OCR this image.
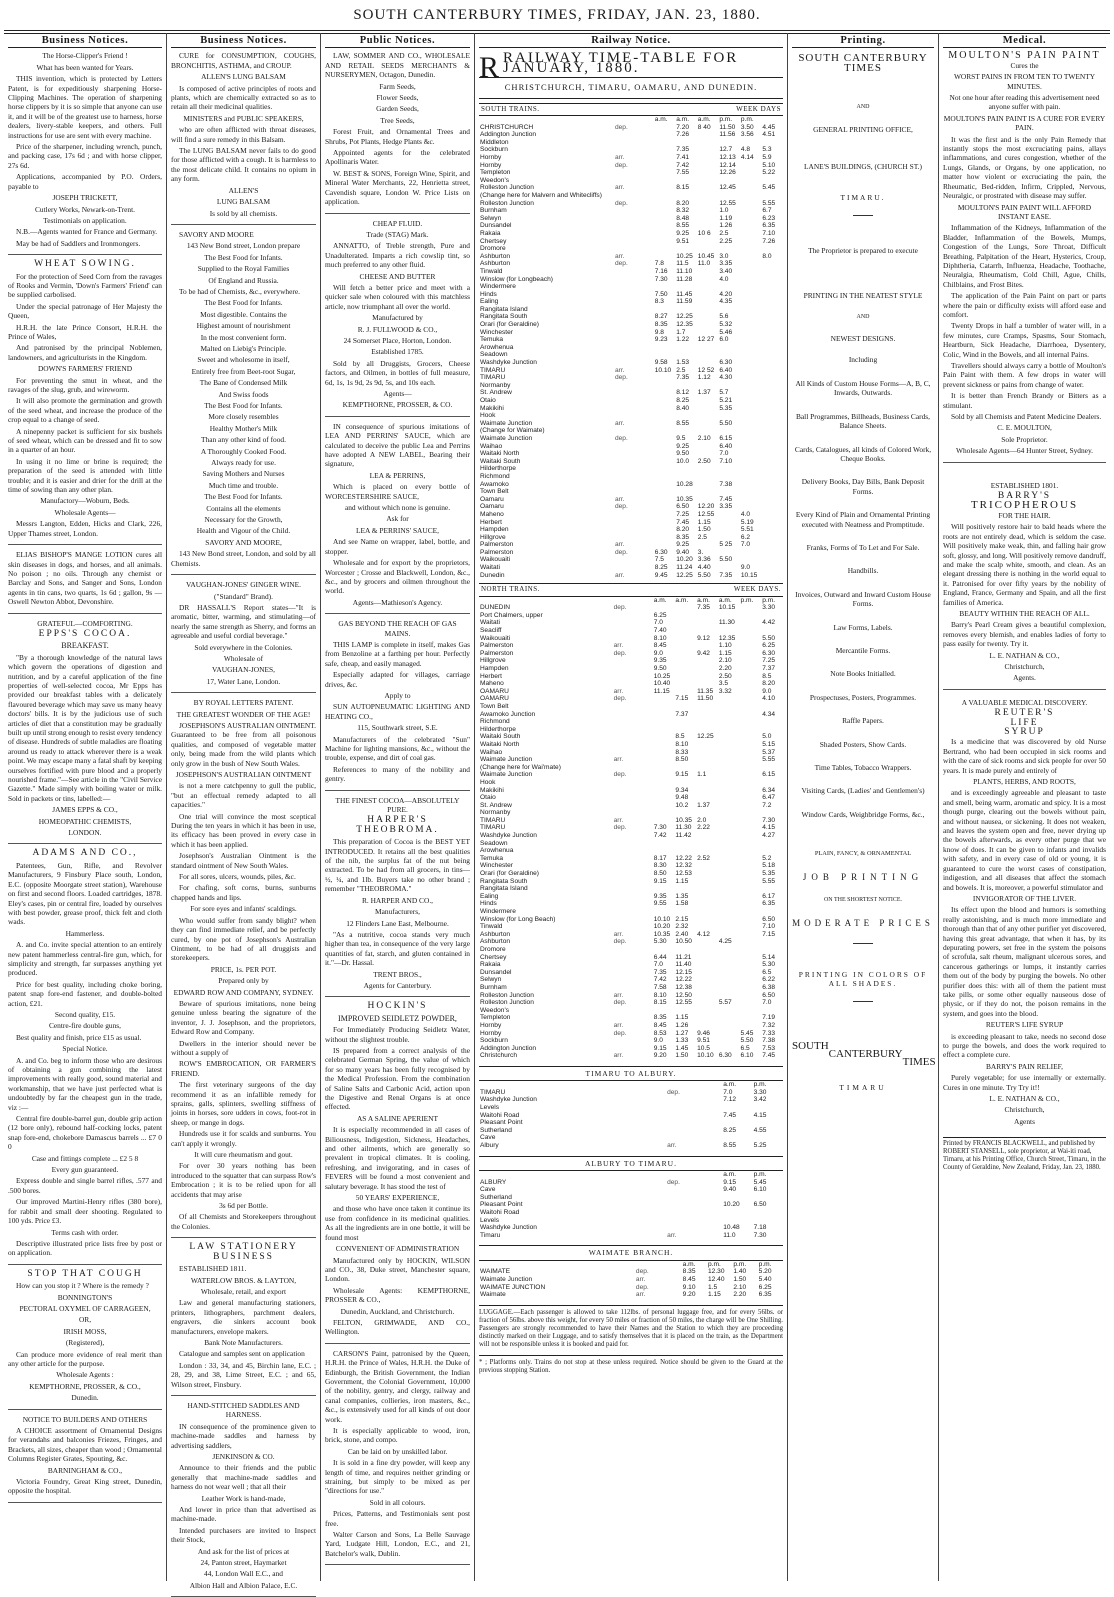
SOUTH CANTERBURY TIMES, FRIDAY, JAN. 23, 1880.
Business Notices.

The Horse-Clipper's Friend !

What has been wanted for Years.

THIS invention, which is protected by Letters Patent, is for expeditiously sharpening Horse-Clipping Machines. The operation of sharpening horse clippers by it is so simple that anyone can use it, and it will be of the greatest use to harness, horse dealers, livery-stable keepers, and others. Full instructions for use are sent with every machine.

Price of the sharpener, including wrench, punch, and packing case, 17s 6d ; and with horse clipper, 27s 6d.

Applications, accompanied by P.O. Orders, payable to

JOSEPH TRICKETT,

Cutlery Works, Newark-on-Trent.

Testimonials on application.

N.B.—Agents wanted for France and Germany.

May be had of Saddlers and Ironmongers.

WHEAT SOWING.

For the protection of Seed Corn from the ravages of Rooks and Vermin, 'Down's Farmers' Friend' can be supplied carbolised.

Under the special patronage of Her Majesty the Queen,

H.R.H. the late Prince Consort, H.R.H. the Prince of Wales,

And patronised by the principal Noblemen, landowners, and agriculturists in the Kingdom.

DOWN'S FARMERS' FRIEND

For preventing the smut in wheat, and the ravages of the slug, grub, and wireworm.

It will also promote the germination and growth of the seed wheat, and increase the produce of the crop equal to a change of seed.

A ninepenny packet is sufficient for six bushels of seed wheat, which can be dressed and fit to sow in a quarter of an hour.

In using it no lime or brine is required; the preparation of the seed is attended with little trouble; and it is easier and drier for the drill at the time of sowing than any other plan.

Manufactory—Woburn, Beds.

Wholesale Agents—

Messrs Langton, Edden, Hicks and Clark, 226, Upper Thames street, London.

ELIAS BISHOP'S MANGE LOTION cures all skin diseases in dogs, and horses, and all animals. No poison ; no oils. Through any chemist or Barclay and Sons, and Sanger and Sons, London agents in tin cans, two quarts, 1s 6d ; gallon, 9s —Oswell Newton Abbot, Devonshire.

GRATEFUL—COMFORTING.

EPPS'S COCOA.

BREAKFAST.

"By a thorough knowledge of the natural laws which govern the operations of digestion and nutrition, and by a careful application of the fine properties of well-selected cocoa, Mr Epps has provided our breakfast tables with a delicately flavoured beverage which may save us many heavy doctors' bills. It is by the judicious use of such articles of diet that a constitution may be gradually built up until strong enough to resist every tendency of disease. Hundreds of subtle maladies are floating around us ready to attack wherever there is a weak point. We may escape many a fatal shaft by keeping ourselves fortified with pure blood and a properly nourished frame."—See article in the "Civil Service Gazette." Made simply with boiling water or milk. Sold in packets or tins, labelled:—

JAMES EPPS & CO.,

HOMEOPATHIC CHEMISTS,

LONDON.

ADAMS AND CO.,

Patentees, Gun, Rifle, and Revolver Manufacturers, 9 Finsbury Place south, London, E.C. (opposite Moorgate street station), Warehouse on first and second floors. Loaded cartridges, 1878. Eley's cases, pin or central fire, loaded by ourselves with best powder, grease proof, thick felt and cloth wads.

Hammerless.

A. and Co. invite special attention to an entirely new patent hammerless central-fire gun, which, for simplicity and strength, far surpasses anything yet produced.

Price for best quality, including choke boring, patent snap fore-end fastener, and double-bolted action, £21.

Second quality, £15.

Centre-fire double guns,

Best quality and finish, price £15 as usual.

Special Notice.

A. and Co. beg to inform those who are desirous of obtaining a gun combining the latest improvements with really good, sound material and workmanship, that we have just perfected what is undoubtedly by far the cheapest gun in the trade, viz :—

Central fire double-barrel gun, double grip action (12 bore only), rebound half-cocking locks, patent snap fore-end, chokebore Damascus barrels ... £7 0 0

Case and fittings complete ... £2 5 8

Every gun guaranteed.

Express double and single barrel rifles, .577 and .500 bores.

Our improved Martini-Henry rifles (380 bore), for rabbit and small deer shooting. Regulated to 100 yds. Price £3.

Terms cash with order.

Descriptive illustrated price lists free by post or on application.

STOP THAT COUGH

How can you stop it ? Where is the remedy ?

BONNINGTON'S

PECTORAL OXYMEL OF CARRAGEEN,

OR,

IRISH MOSS,

(Registered),

Can produce more evidence of real merit than any other article for the purpose.

Wholesale Agents :

KEMPTHORNE, PROSSER, & CO.,

Dunedin.

NOTICE TO BUILDERS AND OTHERS

A CHOICE assortment of Ornamental Designs for verandahs and balconies Friezes, Fringes, and Brackets, all sizes, cheaper than wood ; Ornamental Columns Register Grates, Spouting, &c.

BARNINGHAM & CO.,

Victoria Foundry, Great King street, Dunedin, opposite the hospital.

Business Notices.

CURE for CONSUMPTION, COUGHS, BRONCHITIS, ASTHMA, and CROUP.

ALLEN'S LUNG BALSAM

Is composed of active principles of roots and plants, which are chemically extracted so as to retain all their medicinal qualities.

MINISTERS and PUBLIC SPEAKERS,

who are often afflicted with throat diseases, will find a sure remedy in this Balsam.

The LUNG BALSAM never fails to do good for those afflicted with a cough. It is harmless to the most delicate child. It contains no opium in any form.

ALLEN'S

LUNG BALSAM

Is sold by all chemists.

SAVORY AND MOORE

143 New Bond street, London prepare

The Best Food for Infants.

Supplied to the Royal Families

Of England and Russia.

To be had of Chemists, &c., everywhere.

The Best Food for Infants.

Most digestible. Contains the

Highest amount of nourishment

In the most convenient form.

Malted on Liebig's Principle.

Sweet and wholesome in itself,

Entirely free from Beet-root Sugar,

The Bane of Condensed Milk

And Swiss foods

The Best Food for Infants.

More closely resembles

Healthy Mother's Milk

Than any other kind of food.

A Thoroughly Cooked Food.

Always ready for use.

Saving Mothers and Nurses

Much time and trouble.

The Best Food for Infants.

Contains all the elements

Necessary for the Growth,

Health and Vigour of the Child.

SAVORY AND MOORE,

143 New Bond street, London, and sold by all Chemists.

VAUGHAN-JONES' GINGER WINE.

("Standard" Brand).

DR HASSALL'S Report states—"It is aromatic, bitter, warming, and stimulating—of nearly the same strength as Sherry, and forms an agreeable and useful cordial beverage."

Sold everywhere in the Colonies.

Wholesale of

VAUGHAN-JONES,

17, Water Lane, London.

BY ROYAL LETTERS PATENT.

THE GREATEST WONDER OF THE AGE!

JOSEPHSON'S AUSTRALIAN OINTMENT. Guaranteed to be free from all poisonous qualities, and composed of vegetable matter only, being made from the wild plants which only grow in the bush of New South Wales.

JOSEPHSON'S AUSTRALIAN OINTMENT

is not a mere catchpenny to gull the public, "but an effectual remedy adapted to all capacities."

One trial will convince the most sceptical During the ten years in which it has been in use, its efficacy has been proved in every case in which it has been applied.

Josephson's Australian Ointment is the standard ointment of New South Wales.

For all sores, ulcers, wounds, piles, &c.

For chafing, soft corns, burns, sunburns chapped hands and lips.

For sore eyes and infants' scaldings.

Who would suffer from sandy blight? when they can find immediate relief, and be perfectly cured, by one pot of Josephson's Australian Ointment, to be had of all druggists and storekeepers.

PRICE, 1s. PER POT.

Prepared only by

EDWARD ROW AND COMPANY, SYDNEY.

Beware of spurious imitations, none being genuine unless bearing the signature of the inventor, J. J. Josephson, and the proprietors, Edward Row and Company.

Dwellers in the interior should never be without a supply of

ROW'S EMBROCATION, OR FARMER'S FRIEND.

The first veterinary surgeons of the day recommend it as an infallible remedy for sprains, galls, splinters, swelling stiffness of joints in horses, sore udders in cows, foot-rot in sheep, or mange in dogs.

Hundreds use it for scalds and sunburns. You can't apply it wrongly.

It will cure rheumatism and gout.

For over 30 years nothing has been introduced to the squatter that can surpass Row's Embrocation ; it is to be relied upon for all accidents that may arise

3s 6d per Bottle.

Of all Chemists and Storekeepers throughout the Colonies.

LAW STATIONERY BUSINESS

ESTABLISHED 1811.

WATERLOW BROS. & LAYTON,

Wholesale, retail, and export

Law and general manufacturing stationers, printers, lithographers, parchment dealers, engravers, die sinkers account book manufacturers, envelope makers.

Bank Note Manufacturers.

Catalogue and samples sent on application

London : 33, 34, and 45, Birchin lane, E.C. ; 28, 29, and 38, Lime Street, E.C. ; and 65, Wilson street, Finsbury.

HAND-STITCHED SADDLES AND HARNESS.

IN consequence of the prominence given to machine-made saddles and harness by advertising saddlers,

JENKINSON & CO.

Announce to their friends and the public generally that machine-made saddles and harness do not wear well ; that all their

Leather Work is hand-made,

And lower in price than that advertised as machine-made.

Intended purchasers are invited to Inspect their Stock,

And ask for the list of prices at

24, Panton street, Haymarket

44, London Wall E.C., and

Albion Hall and Albion Palace, E.C.

Public Notices.

LAW, SOMMER AND CO., WHOLESALE AND RETAIL SEEDS MERCHANTS & NURSERYMEN, Octagon, Dunedin.

Farm Seeds,

Flower Seeds,

Garden Seeds,

Tree Seeds,

Forest Fruit, and Ornamental Trees and Shrubs, Pot Plants, Hedge Plants &c.

Appointed agents for the celebrated Apollinaris Water.

W. BEST & SONS, Foreign Wine, Spirit, and Mineral Water Merchants, 22, Henrietta street, Cavendish square, London W. Price Lists on application.

CHEAP FLUID.

Trade (STAG) Mark.

ANNATTO, of Treble strength, Pure and Unadulterated. Imparts a rich cowslip tint, so much preferred to any other fluid.

CHEESE AND BUTTER

Will fetch a better price and meet with a quicker sale when coloured with this matchless article, now triumphant all over the world.

Manufactured by

R. J. FULLWOOD & CO.,

24 Somerset Place, Horton, London.

Established 1785.

Sold by all Druggists, Grocers, Cheese factors, and Oilmen, in bottles of full measure, 6d, 1s, 1s 9d, 2s 9d, 5s, and 10s each.

Agents—

KEMPTHORNE, PROSSER, & CO.

IN consequence of spurious imitations of LEA AND PERRINS' SAUCE, which are calculated to deceive the public Lea and Perrins have adopted A NEW LABEL, Bearing their signature,

LEA & PERRINS,

Which is placed on every bottle of WORCESTERSHIRE SAUCE,

and without which none is genuine.

Ask for

LEA & PERRINS' SAUCE,

And see Name on wrapper, label, bottle, and stopper.

Wholesale and for export by the proprietors, Worcester ; Crosse and Blackwell, London, &c., &c., and by grocers and oilmen throughout the world.

Agents—Mathieson's Agency.

GAS BEYOND THE REACH OF GAS MAINS.

THIS LAMP is complete in itself, makes Gas from Benzoline at a farthing per hour. Perfectly safe, cheap, and easily managed.

Especially adapted for villages, carriage drives, &c.

Apply to

SUN AUTOPNEUMATIC LIGHTING AND HEATING CO.,

115, Southwark street, S.E.

Manufacturers of the celebrated "Sun" Machine for lighting mansions, &c., without the trouble, expense, and dirt of coal gas.

References to many of the nobility and gentry.

THE FINEST COCOA—ABSOLUTELY PURE.

HARPER'S THEOBROMA.

This preparation of Cocoa is the BEST YET INTRODUCED. It retains all the best qualities of the nib, the surplus fat of the nut being extracted. To be had from all grocers, in tins—½, ¼, and 1lb. Buyers take no other brand ; remember "THEOBROMA."

R. HARPER AND CO.,

Manufacturers,

12 Flinders Lane East, Melbourne.

"As a nutritive, cocoa stands very much higher than tea, in consequence of the very large quantities of fat, starch, and gluten contained in it."—Dr. Hassal.

TRENT BROS.,

Agents for Canterbury.

HOCKIN'S

IMPROVED SEIDLETZ POWDER,

For Immediately Producing Seidletz Water, without the slightest trouble.

IS prepared from a correct analysis of the celebrated German Spring, the value of which for so many years has been fully recognised by the Medical Profession. From the combination of Saline Salts and Carbonic Acid, action upon the Digestive and Renal Organs is at once effected.

AS A SALINE APERIENT

It is especially recommended in all cases of Biliousness, Indigestion, Sickness, Headaches, and other ailments, which are generally so prevalent in tropical climates. It is cooling, refreshing, and invigorating, and in cases of FEVERS will be found a most convenient and salutary beverage. It has stood the test of

50 YEARS' EXPERIENCE,

and those who have once taken it continue its use from confidence in its medicinal qualities. As all the ingredients are in one bottle, it will be found most

CONVENIENT OF ADMINISTRATION

Manufactured only by HOCKIN, WILSON and CO., 38, Duke street, Manchester square, London.

Wholesale Agents: KEMPTHORNE, PROSSER & CO.,

Dunedin, Auckland, and Christchurch.

FELTON, GRIMWADE, AND CO., Wellington.

CARSON'S Paint, patronised by the Queen, H.R.H. the Prince of Wales, H.R.H. the Duke of Edinburgh, the British Government, the Indian Government, the Colonial Government, 10,000 of the nobility, gentry, and clergy, railway and canal companies, collieries, iron masters, &c., &c., is extensively used for all kinds of out door work.

It is especially applicable to wood, iron, brick, stone, and compo.

Can be laid on by unskilled labor.

It is sold in a fine dry powder, will keep any length of time, and requires neither grinding or straining, but simply to be mixed as per "directions for use."

Sold in all colours.

Prices, Patterns, and Testimonials sent post free.

Walter Carson and Sons, La Belle Sauvage Yard, Ludgate Hill, London, E.C., and 21, Batchelor's walk, Dublin.

Railway Notice.
RRAILWAY TIME-TABLE FOR JANUARY, 1880.
CHRISTCHURCH, TIMARU, OAMARU, AND DUNEDIN.
SOUTH TRAINS.	WEEK DAYS
		a.m.	a.m.	a.m.	p.m.	p.m.	
CHRISTCHURCH	dep.		7.20	8 40	11.50	3.50	4.45
Addington Junction			7.26		11.56	3.56	4.51
Middleton							
Sockburn			7.35		12.7	4.8	5.3
Hornby	arr.		7.41		12.13	4.14	5.9
Hornby	dep.		7.42		12.14		5.10
Templeton			7.55		12.26		5.22
Weedon's							
Rolleston Junction	arr.		8.15		12.45		5.45
(Change here for Malvern and Whitecliffs)							
Rolleston Junction	dep.		8.20		12.55		5.55
Burnham			8.32		1.0		6.7
Selwyn			8.48		1.19		6.23
Dunsandel			8.55		1.26		6.35
Rakaia			9.25	10 6	2.5		7.10
Chertsey			9.51		2.25		7.26
Dromore							
Ashburton	arr.		10.25	10.45	3.0		8.0
Ashburton	dep.	7.8	11.5	11.0	3.35		
Tinwald		7.16	11.10		3.40		
Winslow (for Longbeach)		7.30	11.28		4.0		
Windermere							
Hinds		7.50	11.45		4.20		
Ealing		8.3	11.59		4.35		
Rangitata Island							
Rangitata South		8.27	12.25		5.6		
Orari (for Geraldine)		8.35	12.35		5.32		
Winchester		9.8	1.7		5.46		
Temuka		9.23	1.22	12 27	6.0		
Arowhenua							
Seadown							
Washdyke Junction		9.58	1.53		6.30		
TIMARU	arr.	10.10	2.5	12 52	6.40		
TIMARU	dep.		7.35	1.12	4.30		
Normanby							
St. Andrew			8.12	1.37	5.7		
Otaio			8.25		5.21		
Makikihi			8.40		5.35		
Hook							
Waimate Junction	arr.		8.55		5.50		
(Change for Waimate)							
Waimate Junction	dep.		9.5	2.10	6.15		
Waihao			9.25		6.40		
Waitaki North			9.50		7.0		
Waitaki South			10.0	2.50	7.10		
Hilderthorpe							
Richmond							
Awamoko			10.28		7.38		
Town Belt							
Oamaru	arr.		10.35		7.45		
Oamaru	dep.		6.50	12.20	3.35		
Maheno			7.25	12.55		4.0	
Herbert			7.45	1.15		5.19	
Hampden			8.20	1.50		5.51	
Hillgrove			8.35	2.5		6.2	
Palmerston	arr.		9.25		5 25	7.0	
Palmerston	dep.	6.30	9.40	3.			
Waikouaiti		7.5	10.20	3.36	5.50		
Waitati		8.25	11.24	4.40		9.0	
Dunedin	arr.	9.45	12.25	5.50	7.35	10.15	
NORTH TRAINS.	WEEK DAYS.
		a.m.	a.m.	a.m.	a.m.	p.m.	p.m.
DUNEDIN	dep.			7.35	10.15		3.30
Port Chalmers, upper		6.25					
Waitati		7.0			11.30		4.42
Seacliff		7.40					
Waikouaiti		8.10		9.12	12.35		5.50
Palmerston	arr.	8.45			1.10		6.25
Palmerston	dep.	9.0		9.42	1.15		6.30
Hillgrove		9.35			2.10		7.25
Hampden		9.50			2.20		7.37
Herbert		10.25			2.50		8.5
Maheno		10.40			3.5		8.20
OAMARU	arr.	11.15		11.35	3.32		9.0
OAMARU	dep.		7.15	11.50			4.10
Town Belt							
Awamoko Junction			7.37				4.34
Richmond							
Hilderthorpe							
Waitaki South			8.5	12.25			5.0
Waitaki North			8.10				5.15
Waihao			8.33				5.37
Waimate Junction	arr.		8.50				5.55
(Change here for Wai'mate)							
Waimate Junction	dep.		9.15	1.1			6.15
Hook							
Makikihi			9.34				6.34
Otaio			9.48				6.47
St. Andrew			10.2	1.37			7.2
Normanby							
TIMARU	arr.		10.35	2.0			7.30
TIMARU	dep.	7.30	11.30	2.22			4.15
Washdyke Junction		7.42	11.42				4.27
Seadown							
Arowhenua							
Temuka		8.17	12.22	2.52			5.2
Winchester		8.30	12.32				5.18
Orari (for Geraldine)		8.50	12.53				5.35
Rangitata South		9.15	1.15				5.55
Rangitata Island							
Ealing		9.35	1.35				6.17
Hinds		9.55	1.58				6.35
Windermere							
Winslow (for Long Beach)		10.10	2.15				6.50
Tinwald		10.20	2.32				7.10
Ashburton	arr.	10.35	2.40	4.12			7.15
Ashburton	dep.	5.30	10.50		4.25		
Dromore							
Chertsey		6.44	11.21				5.14
Rakaia		7.0	11.40				5.30
Dunsandel		7.35	12.15				6.5
Selwyn		7.42	12.22				6.22
Burnham		7.58	12.38				6.38
Rolleston Junction	arr.	8.10	12.50				6.50
Rolleston Junction	dep.	8.15	12.55		5.57		7.0
Weedon's							
Templeton		8.35	1.15				7.19
Hornby	arr.	8.45	1.26				7.32
Hornby	dep.	8.53	1.27	9.46		5.45	7.33
Sockburn		9.0	1.33	9.51		5.50	7.38
Addington Junction		9.15	1.45	10.5		6.5	7.53
Christchurch	arr.	9.20	1.50	10.10	6.30	6.10	7.45
TIMARU TO ALBURY.
		a.m.	p.m.
TIMARU	dep.	7.0	3.30
Washdyke Junction		7.12	3.42
Levels			
Waitohi Road		7.45	4.15
Pleasant Point			
Sutherland		8.25	4.55
Cave			
Albury	arr.	8.55	5.25
ALBURY TO TIMARU.
		a.m.	p.m.
ALBURY	dep.	9.15	5.45
Cave		9.40	6.10
Sutherland			
Pleasant Point		10.20	6.50
Waitohi Road			
Levels			
Washdyke Junction		10.48	7.18
Timaru	arr.	11.0	7.30
WAIMATE BRANCH.
		a.m.	p.m.	p.m.	p.m.
WAIMATE	dep.	8.35	12.30	1.40	5.20
Waimate Junction	arr.	8.45	12.40	1.50	5.40
WAIMATE JUNCTION	dep.	9.10	1.5	2.10	6.25
Waimate	arr.	9.20	1.15	2.20	6.35
LUGGAGE.—Each passenger is allowed to take 112lbs. of personal luggage free, and for every 56lbs. or fraction of 56lbs. above this weight, for every 50 miles or fraction of 50 miles, the charge will be One Shilling. Passengers are strongly recommended to have their Names and the Station to which they are proceeding distinctly marked on their Luggage, and to satisfy themselves that it is placed on the train, as the Department will not be responsible unless it is booked and paid for.
* ; Platforms only. Trains do not stop at these unless required. Notice should be given to the Guard at the previous stopping Station.
Printing.
SOUTH CANTERBURY TIMES
AND
GENERAL PRINTING OFFICE,
LANE'S BUILDINGS, (CHURCH ST.)
TIMARU.
The Proprietor is prepared to execute
PRINTING IN THE NEATEST STYLE
AND
NEWEST DESIGNS.
Including
All Kinds of Custom House Forms—A, B, C, Inwards, Outwards.
Ball Programmes, Billheads, Business Cards, Balance Sheets.
Cards, Catalogues, all kinds of Colored Work, Cheque Books.
Delivery Books, Day Bills, Bank Deposit Forms.
Every Kind of Plain and Ornamental Printing executed with Neatness and Promptitude.
Franks, Forms of To Let and For Sale.
Handbills.
Invoices, Outward and Inward Custom House Forms.
Law Forms, Labels.
Mercantile Forms.
Note Books Initialled.
Prospectuses, Posters, Programmes.
Raffle Papers.
Shaded Posters, Show Cards.
Time Tables, Tobacco Wrappers.
Visiting Cards, (Ladies' and Gentlemen's)
Window Cards, Weighbridge Forms, &c.,
PLAIN, FANCY, & ORNAMENTAL
JOB PRINTING
ON THE SHORTEST NOTICE.
MODERATE PRICES
PRINTING IN COLORS OF ALL SHADES.
SOUTH
CANTERBURY
TIMES
TIMARU
Medical.
MOULTON'S PAIN PAINT

Cures the

WORST PAINS IN FROM TEN TO TWENTY MINUTES.

Not one hour after reading this advertisement need anyone suffer with pain.

MOULTON'S PAIN PAINT IS A CURE FOR EVERY PAIN.

It was the first and is the only Pain Remedy that instantly stops the most excruciating pains, allays inflammations, and cures congestion, whether of the Lungs, Glands, or Organs, by one application, no matter how violent or excruciating the pain, the Rheumatic, Bed-ridden, Infirm, Crippled, Nervous, Neuralgic, or prostrated with disease may suffer.

MOULTON'S PAIN PAINT WILL AFFORD INSTANT EASE.

Inflammation of the Kidneys, Inflammation of the Bladder, Inflammation of the Bowels, Mumps, Congestion of the Lungs, Sore Throat, Difficult Breathing, Palpitation of the Heart, Hysterics, Croup, Diphtheria, Catarrh, Influenza, Headache, Toothache, Neuralgia, Rheumatism, Cold Chill, Ague, Chills, Chilblains, and Frost Bites.

The application of the Pain Paint on part or parts where the pain or difficulty exists will afford ease and comfort.

Twenty Drops in half a tumbler of water will, in a few minutes, cure Cramps, Spasms, Sour Stomach, Heartburn, Sick Headache, Diarrhoea, Dysentery, Colic, Wind in the Bowels, and all internal Pains.

Travellers should always carry a bottle of Moulton's Pain Paint with them. A few drops in water will prevent sickness or pains from change of water.

It is better than French Brandy or Bitters as a stimulant.

Sold by all Chemists and Patent Medicine Dealers.

C. E. MOULTON,

Sole Proprietor.

Wholesale Agents—64 Hunter Street, Sydney.

ESTABLISHED 1801.

BARRY'S
TRICOPHEROUS

FOR THE HAIR.

Will positively restore hair to bald heads where the roots are not entirely dead, which is seldom the case. Will positively make weak, thin, and falling hair grow soft, glossy, and long. Will positively remove dandruff, and make the scalp white, smooth, and clean. As an elegant dressing there is nothing in the world equal to it. Patronised for over fifty years by the nobility of England, France, Germany and Spain, and all the first families of America.

BEAUTY WITHIN THE REACH OF ALL.

Barry's Pearl Cream gives a beautiful complexion, removes every blemish, and enables ladies of forty to pass easily for twenty. Try it.

L. E. NATHAN & CO.,

Christchurch,

Agents.

A VALUABLE MEDICAL DISCOVERY.

REUTER'S
LIFE
SYRUP

Is a medicine that was discovered by old Nurse Bertrand, who had been occupied in sick rooms and with the care of sick rooms and sick people for over 50 years. It is made purely and entirely of

PLANTS, HERBS, AND ROOTS,

and is exceedingly agreeable and pleasant to taste and smell, being warm, aromatic and spicy. It is a most though purge, clearing out the bowels without pain, and without nausea, or sickening. It does not weaken, and leaves the system open and free, never drying up the bowels afterwards, as every other purge that we know of does. It can be given to infants and invalids with safety, and in every case of old or young, it is guaranteed to cure the worst cases of constipation, indigestion, and all diseases that affect the stomach and bowels. It is, moreover, a powerful stimulator and

INVIGORATOR OF THE LIVER.

Its effect upon the blood and humors is something really astonishing, and is much more immediate and thorough than that of any other purifier yet discovered, having this great advantage, that when it has, by its depurating powers, set free in the system the poisons of scrofula, salt rheum, malignant ulcerous sores, and cancerous gatherings or lumps, it instantly carries them out of the body by purging the bowels. No other purifier does this: with all of them the patient must take pills, or some other equally nauseous dose of physic, or if they do not, the poison remains in the system, and goes into the blood.

REUTER'S LIFE SYRUP

is exceeding pleasant to take, needs no second dose to purge the bowels, and does the work required to effect a complete cure.

BARRY'S PAIN RELIEF,

Purely vegetable; for use internally or externally. Cures in one minute. Try Try it!!

L. E. NATHAN & CO.,

Christchurch,

Agents

Printed by FRANCIS BLACKWELL, and published by ROBERT STANSELL, sole proprietor, at Wai-iti road, Timaru, at his Printing Office, Church Street, Timaru, in the County of Geraldine, New Zealand, Friday, Jan. 23, 1880.
